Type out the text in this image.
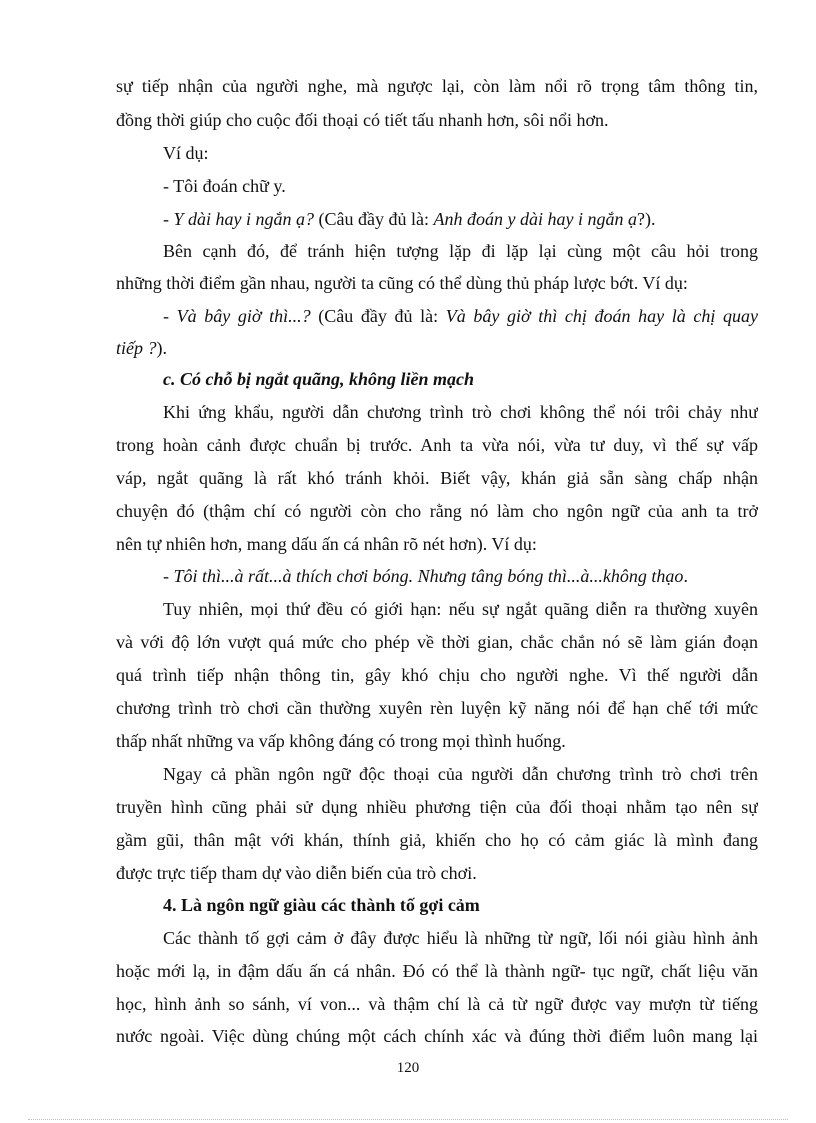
sự tiếp nhận của người nghe, mà ngược lại, còn làm nổi rõ trọng tâm thông tin,
đồng thời giúp cho cuộc đối thoại có tiết tấu nhanh hơn, sôi nổi hơn.
Ví dụ:
- Tôi đoán chữ y.
- Y dài hay i ngắn ạ? (Câu đầy đủ là: Anh đoán y dài hay i ngắn ạ?).
Bên cạnh đó, để tránh hiện tượng lặp đi lặp lại cùng một câu hỏi trong
những thời điểm gần nhau, người ta cũng có thể dùng thủ pháp lược bớt. Ví dụ:
- Và bây giờ thì...? (Câu đầy đủ là: Và bây giờ thì chị đoán hay là chị quay
tiếp ?).
c. Có chỗ bị ngắt quãng, không liền mạch
Khi ứng khẩu, người dẫn chương trình trò chơi không thể nói trôi chảy như
trong hoàn cảnh được chuẩn bị trước. Anh ta vừa nói, vừa tư duy, vì thế sự vấp
váp, ngắt quãng là rất khó tránh khỏi. Biết vậy, khán giả sẵn sàng chấp nhận
chuyện đó (thậm chí có người còn cho rằng nó làm cho ngôn ngữ của anh ta trở
nên tự nhiên hơn, mang dấu ấn cá nhân rõ nét hơn). Ví dụ:
- Tôi thì...à rất...à thích chơi bóng. Nhưng tâng bóng thì...à...không thạo.
Tuy nhiên, mọi thứ đều có giới hạn: nếu sự ngắt quãng diễn ra thường xuyên
và với độ lớn vượt quá mức cho phép về thời gian, chắc chắn nó sẽ làm gián đoạn
quá trình tiếp nhận thông tin, gây khó chịu cho người nghe. Vì thế người dẫn
chương trình trò chơi cần thường xuyên rèn luyện kỹ năng nói để hạn chế tới mức
thấp nhất những va vấp không đáng có trong mọi thình huống.
Ngay cả phần ngôn ngữ độc thoại của người dẫn chương trình trò chơi trên
truyền hình cũng phải sử dụng nhiều phương tiện của đối thoại nhằm tạo nên sự
gầm gũi, thân mật với khán, thính giả, khiến cho họ có cảm giác là mình đang
được trực tiếp tham dự vào diễn biến của trò chơi.
4. Là ngôn ngữ giàu các thành tố gợi cảm
Các thành tố gợi cảm ở đây được hiểu là những từ ngữ, lối nói giàu hình ảnh
hoặc mới lạ, in đậm dấu ấn cá nhân. Đó có thể là thành ngữ- tục ngữ, chất liệu văn
học, hình ảnh so sánh, ví von... và thậm chí là cả từ ngữ được vay mượn từ tiếng
nước ngoài. Việc dùng chúng một cách chính xác và đúng thời điểm luôn mang lại
120
